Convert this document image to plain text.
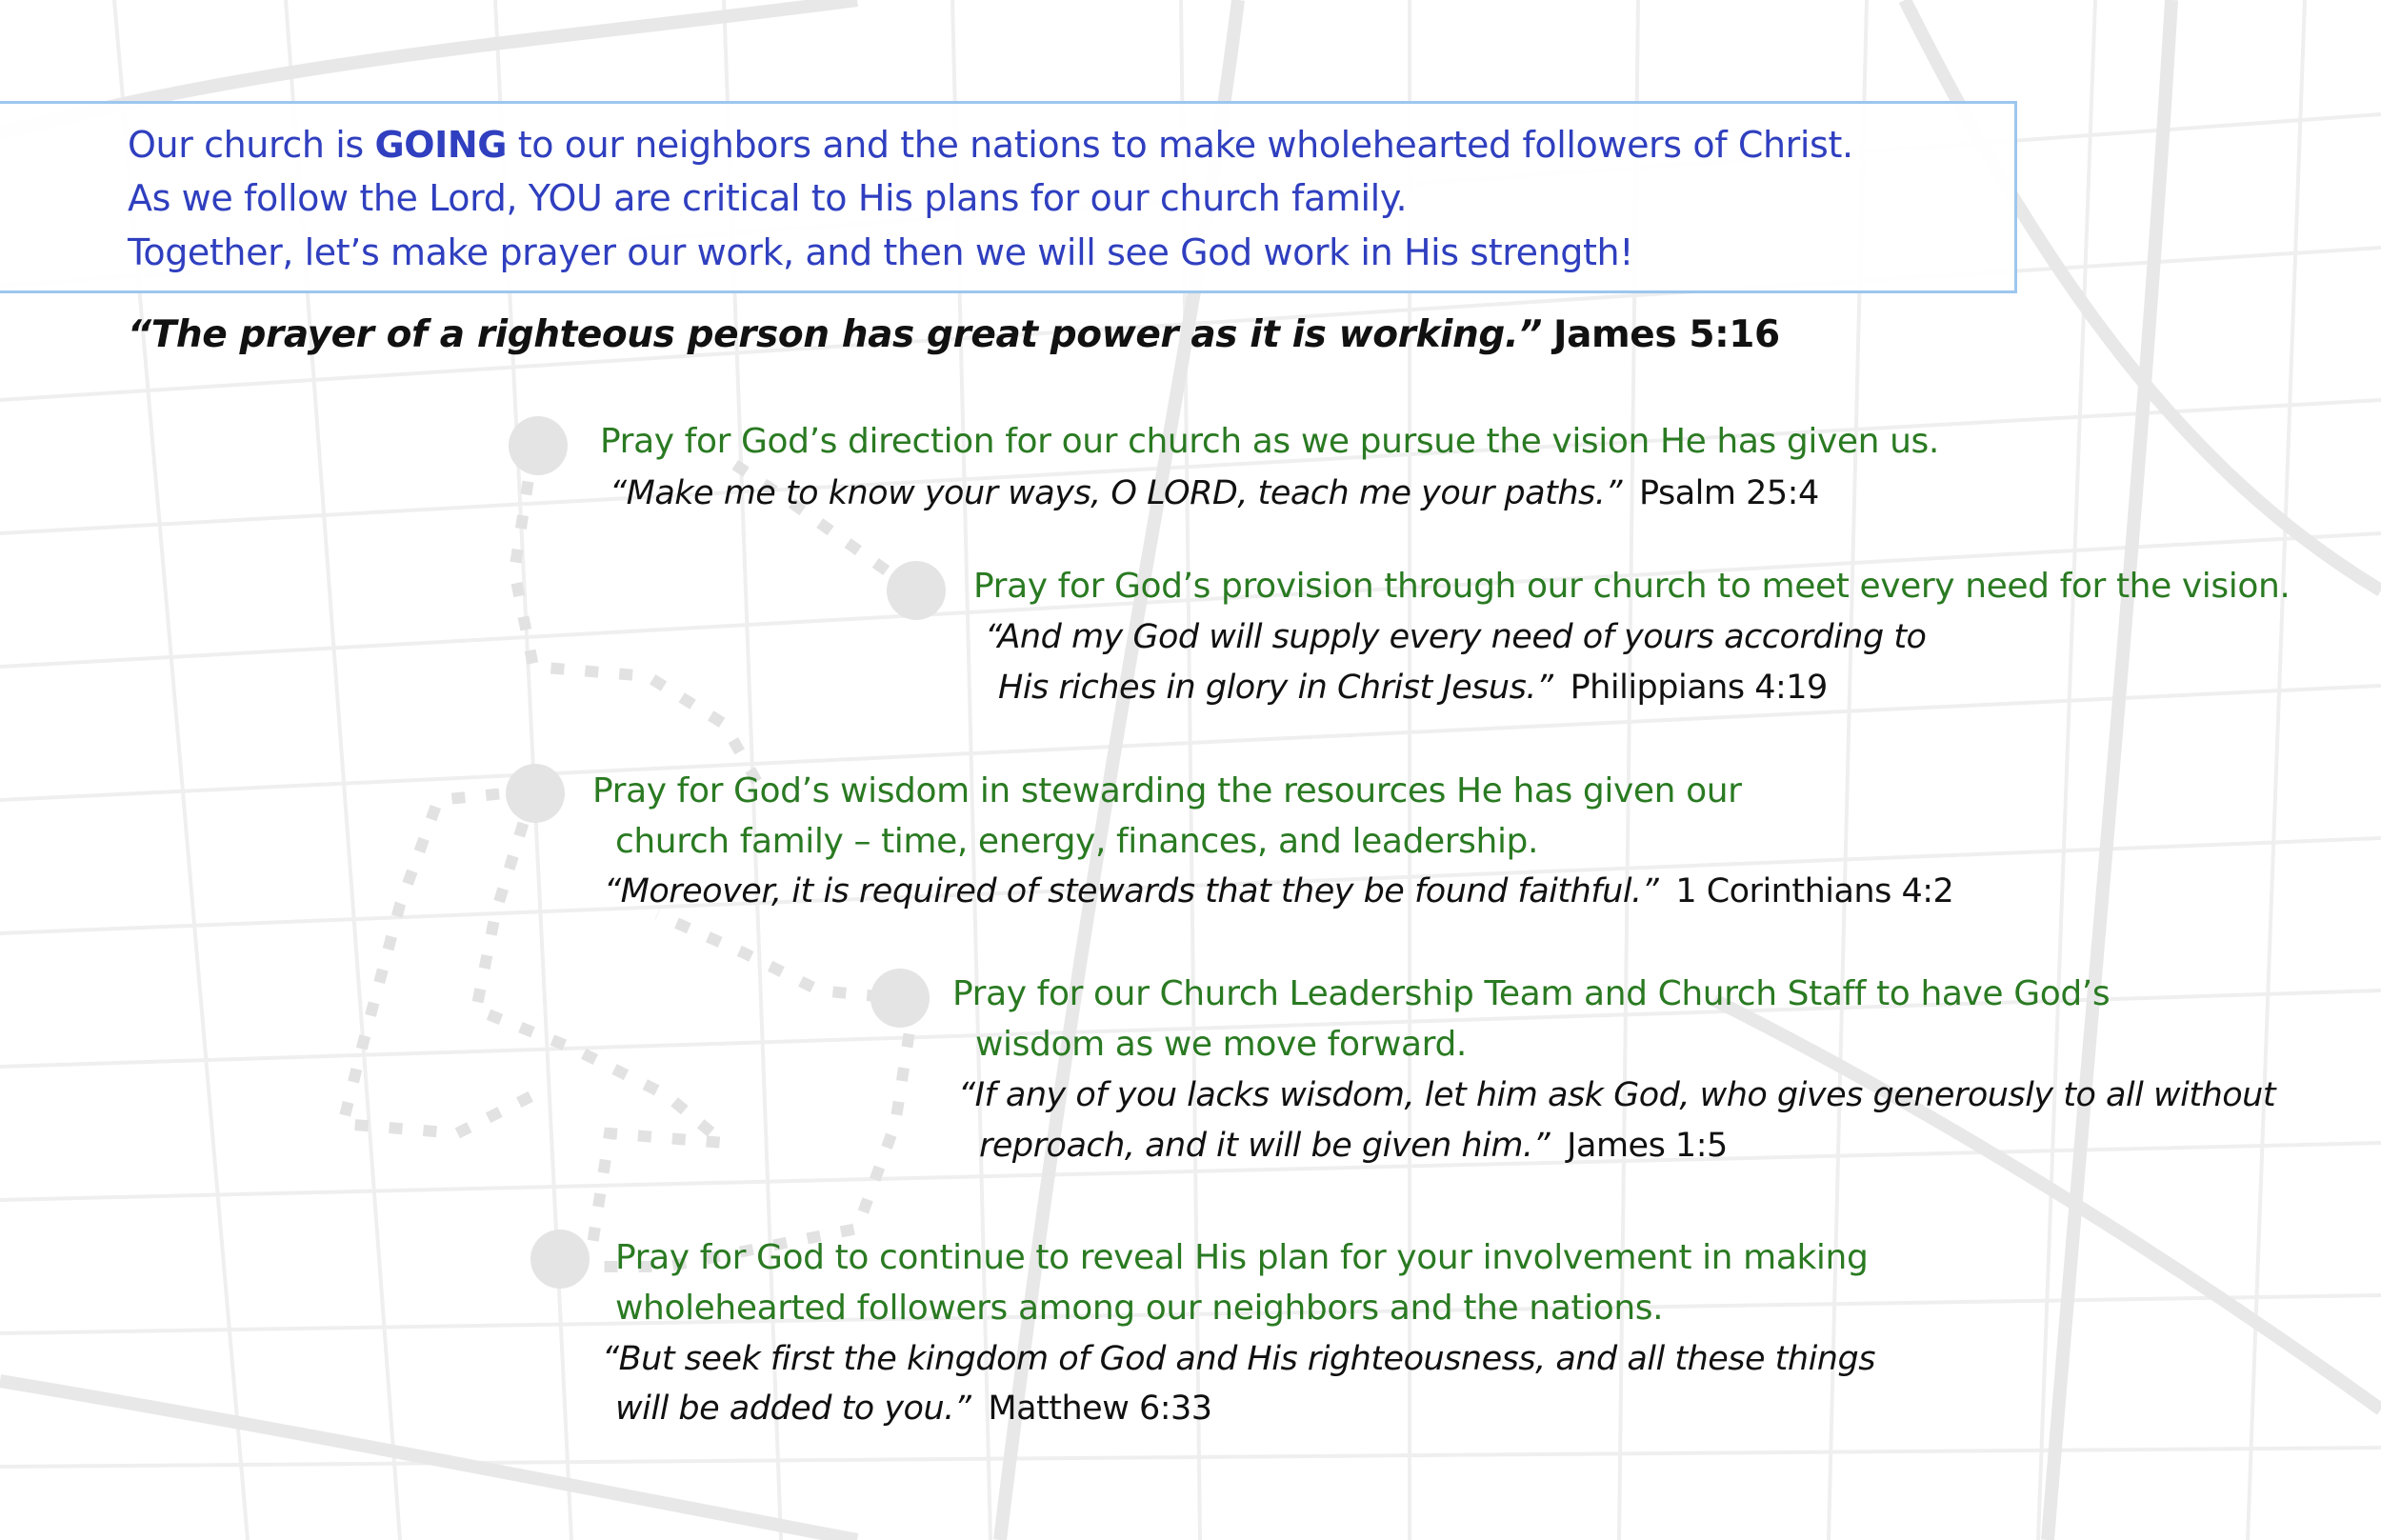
Our church is GOING to our neighbors and the nations to make wholehearted followers of Christ.
As we follow the Lord, YOU are critical to His plans for our church family.
Together, let’s make prayer our work, and then we will see God work in His strength!
“The prayer of a righteous person has great power as it is working.” James 5:16
Pray for God’s direction for our church as we pursue the vision He has given us.
“Make me to know your ways, O LORD, teach me your paths.” Psalm 25:4
Pray for God’s provision through our church to meet every need for the vision.
“And my God will supply every need of yours according to
His riches in glory in Christ Jesus.” Philippians 4:19
Pray for God’s wisdom in stewarding the resources He has given our
church family – time, energy, finances, and leadership.
“Moreover, it is required of stewards that they be found faithful.” 1 Corinthians 4:2
Pray for our Church Leadership Team and Church Staff to have God’s
wisdom as we move forward.
“If any of you lacks wisdom, let him ask God, who gives generously to all without
reproach, and it will be given him.” James 1:5
Pray for God to continue to reveal His plan for your involvement in making
wholehearted followers among our neighbors and the nations.
“But seek first the kingdom of God and His righteousness, and all these things
will be added to you.” Matthew 6:33
